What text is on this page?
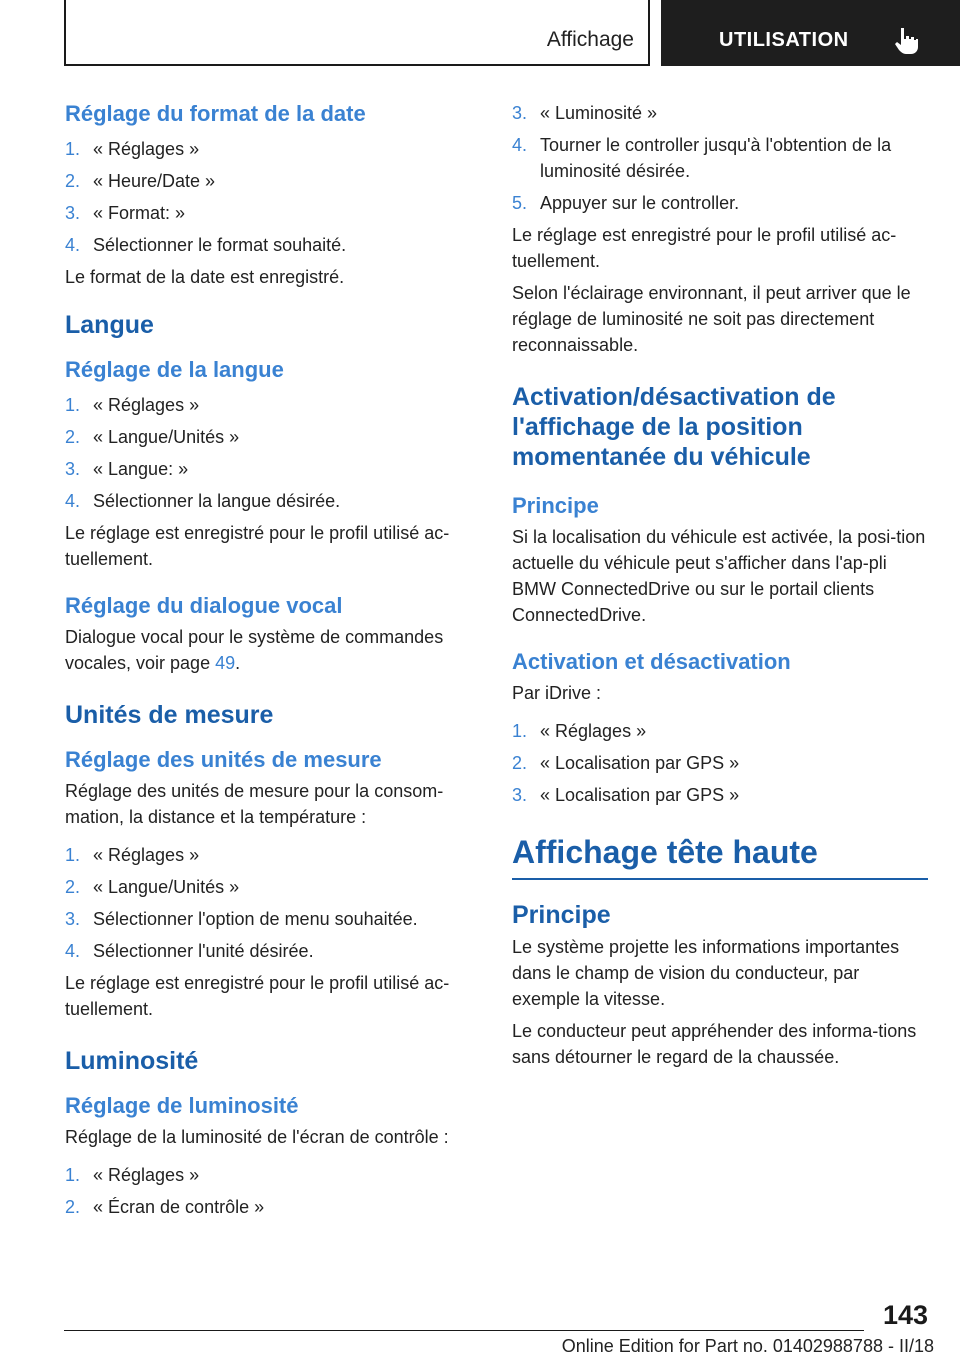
Affichage	UTILISATION
Réglage du format de la date
1. « Réglages »
2. « Heure/Date »
3. « Format: »
4. Sélectionner le format souhaité.
Le format de la date est enregistré.
Langue
Réglage de la langue
1. « Réglages »
2. « Langue/Unités »
3. « Langue: »
4. Sélectionner la langue désirée.
Le réglage est enregistré pour le profil utilisé ac-tuellement.
Réglage du dialogue vocal
Dialogue vocal pour le système de commandes vocales, voir page 49.
Unités de mesure
Réglage des unités de mesure
Réglage des unités de mesure pour la consom-mation, la distance et la température :
1. « Réglages »
2. « Langue/Unités »
3. Sélectionner l'option de menu souhaitée.
4. Sélectionner l'unité désirée.
Le réglage est enregistré pour le profil utilisé ac-tuellement.
Luminosité
Réglage de luminosité
Réglage de la luminosité de l'écran de contrôle :
1. « Réglages »
2. « Écran de contrôle »
3. « Luminosité »
4. Tourner le controller jusqu'à l'obtention de la luminosité désirée.
5. Appuyer sur le controller.
Le réglage est enregistré pour le profil utilisé ac-tuellement.
Selon l'éclairage environnant, il peut arriver que le réglage de luminosité ne soit pas directement reconnaissable.
Activation/désactivation de l'affichage de la position momentanée du véhicule
Principe
Si la localisation du véhicule est activée, la posi-tion actuelle du véhicule peut s'afficher dans l'ap-pli BMW ConnectedDrive ou sur le portail clients ConnectedDrive.
Activation et désactivation
Par iDrive :
1. « Réglages »
2. « Localisation par GPS »
3. « Localisation par GPS »
Affichage tête haute
Principe
Le système projette les informations importantes dans le champ de vision du conducteur, par exemple la vitesse.
Le conducteur peut appréhender des informa-tions sans détourner le regard de la chaussée.
143
Online Edition for Part no. 01402988788 - II/18
